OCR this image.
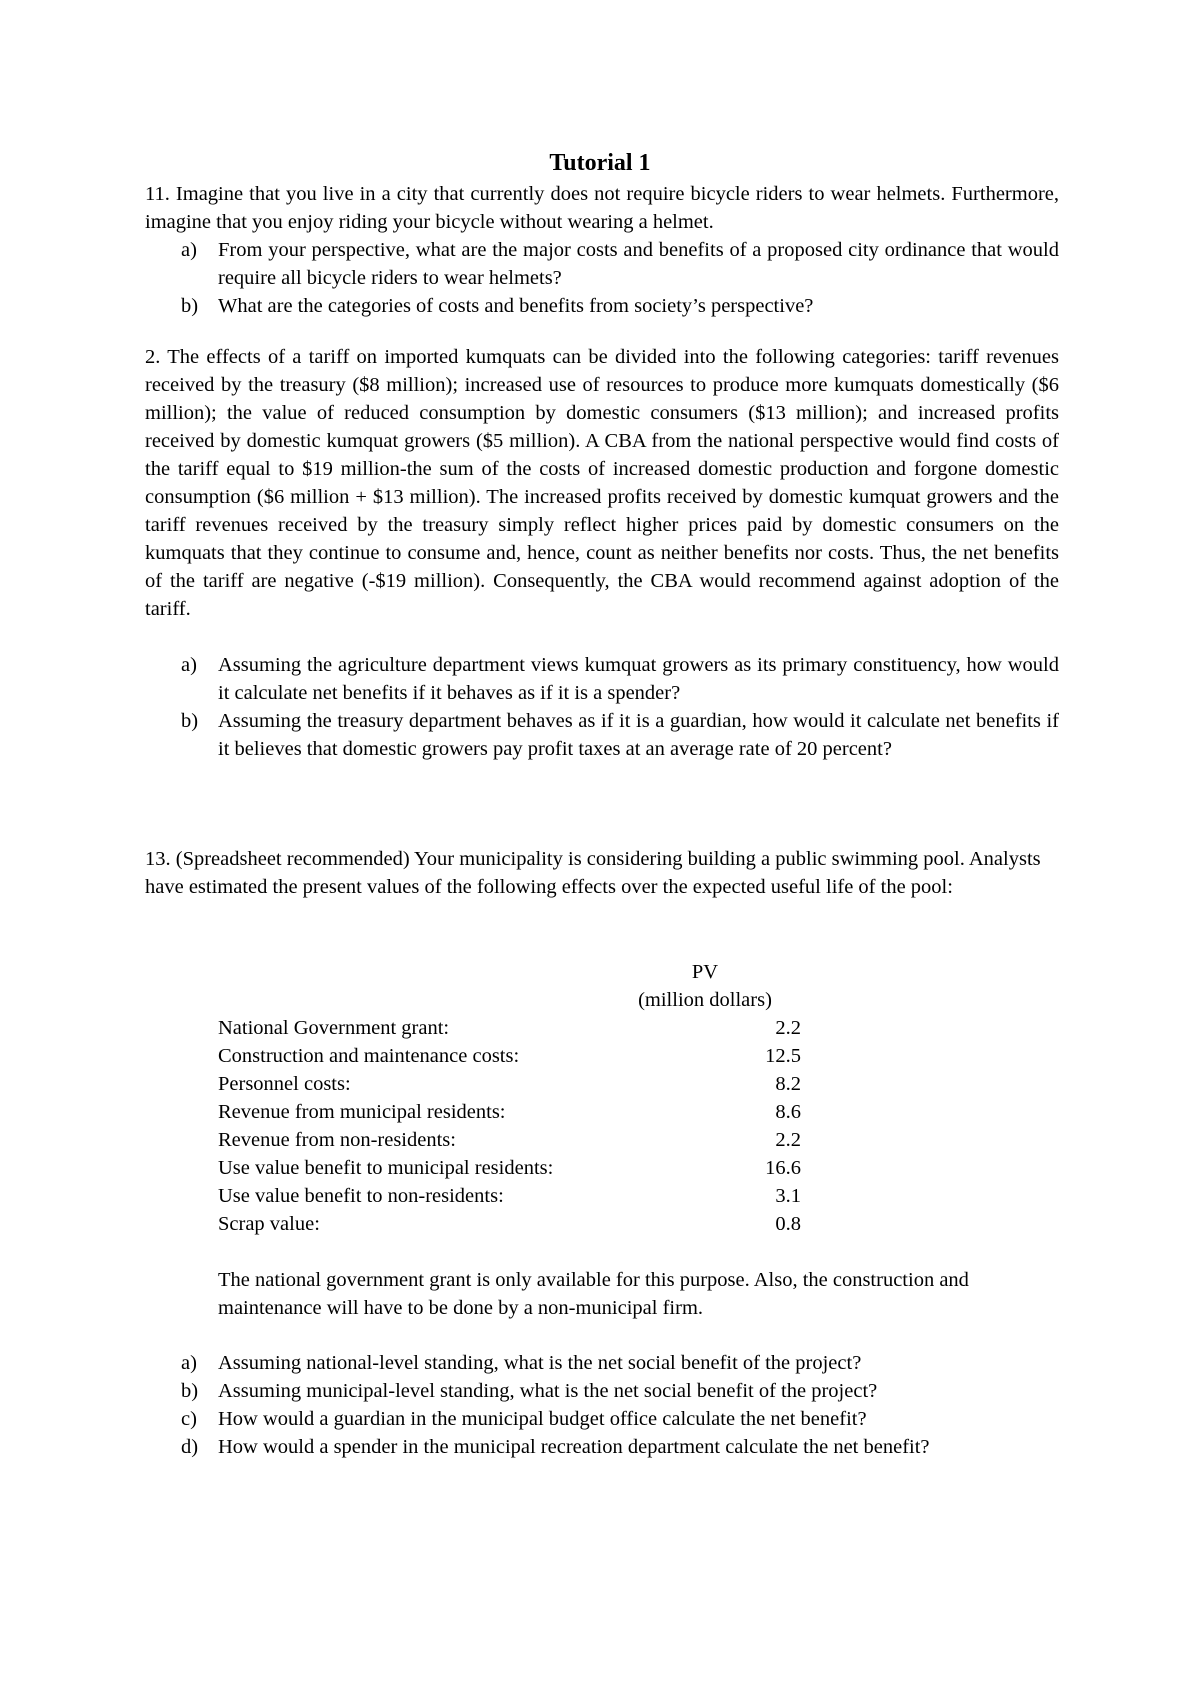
Tutorial 1
11. Imagine that you live in a city that currently does not require bicycle riders to wear helmets. Furthermore, imagine that you enjoy riding your bicycle without wearing a helmet.
a) From your perspective, what are the major costs and benefits of a proposed city ordinance that would require all bicycle riders to wear helmets?
b) What are the categories of costs and benefits from society’s perspective?
2. The effects of a tariff on imported kumquats can be divided into the following categories: tariff revenues received by the treasury ($8 million); increased use of resources to produce more kumquats domestically ($6 million); the value of reduced consumption by domestic consumers ($13 million); and increased profits received by domestic kumquat growers ($5 million). A CBA from the national perspective would find costs of the tariff equal to $19 million-the sum of the costs of increased domestic production and forgone domestic consumption ($6 million + $13 million). The increased profits received by domestic kumquat growers and the tariff revenues received by the treasury simply reflect higher prices paid by domestic consumers on the kumquats that they continue to consume and, hence, count as neither benefits nor costs. Thus, the net benefits of the tariff are negative (-$19 million). Consequently, the CBA would recommend against adoption of the tariff.
a) Assuming the agriculture department views kumquat growers as its primary constituency, how would it calculate net benefits if it behaves as if it is a spender?
b) Assuming the treasury department behaves as if it is a guardian, how would it calculate net benefits if it believes that domestic growers pay profit taxes at an average rate of 20 percent?
13. (Spreadsheet recommended) Your municipality is considering building a public swimming pool. Analysts have estimated the present values of the following effects over the expected useful life of the pool:
PV
(million dollars)
National Government grant:	2.2
Construction and maintenance costs:	12.5
Personnel costs:	8.2
Revenue from municipal residents:	8.6
Revenue from non-residents:	2.2
Use value benefit to municipal residents:	16.6
Use value benefit to non-residents:	3.1
Scrap value:	0.8
The national government grant is only available for this purpose. Also, the construction and maintenance will have to be done by a non-municipal firm.
a) Assuming national-level standing, what is the net social benefit of the project?
b) Assuming municipal-level standing, what is the net social benefit of the project?
c) How would a guardian in the municipal budget office calculate the net benefit?
d) How would a spender in the municipal recreation department calculate the net benefit?
